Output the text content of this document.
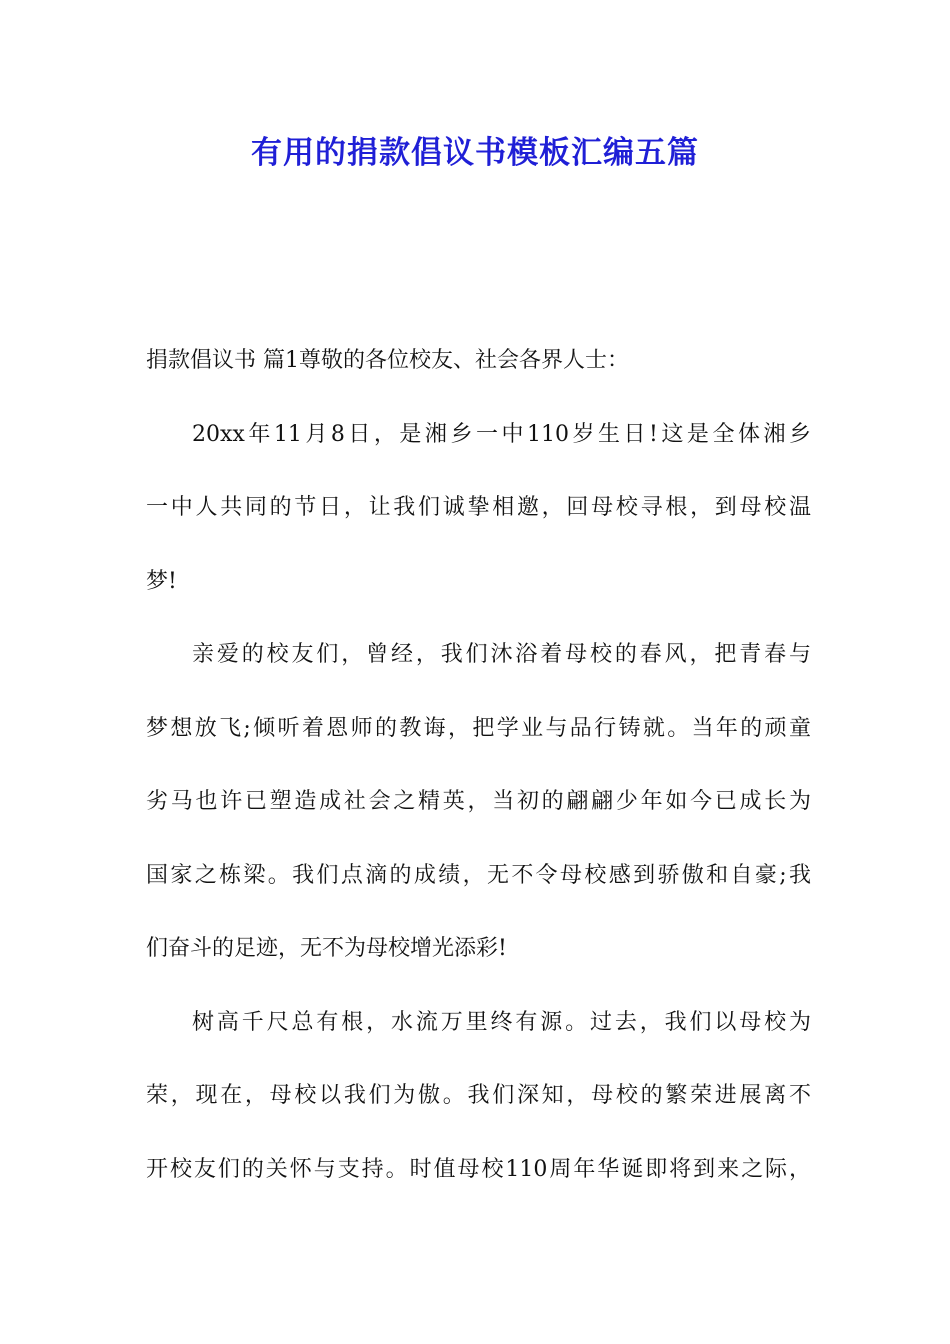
有用的捐款倡议书模板汇编五篇
捐款倡议书 篇1尊敬的各位校友、社会各界人士：
20xx年11月8日，是湘乡一中110岁生日!这是全体湘乡
一中人共同的节日，让我们诚挚相邀，回母校寻根，到母校温
梦!
亲爱的校友们，曾经，我们沐浴着母校的春风，把青春与
梦想放飞;倾听着恩师的教诲，把学业与品行铸就。当年的顽童
劣马也许已塑造成社会之精英，当初的翩翩少年如今已成长为
国家之栋梁。我们点滴的成绩，无不令母校感到骄傲和自豪;我
们奋斗的足迹，无不为母校增光添彩!
树高千尺总有根，水流万里终有源。过去，我们以母校为
荣，现在，母校以我们为傲。我们深知，母校的繁荣进展离不
开校友们的关怀与支持。时值母校110周年华诞即将到来之际，
